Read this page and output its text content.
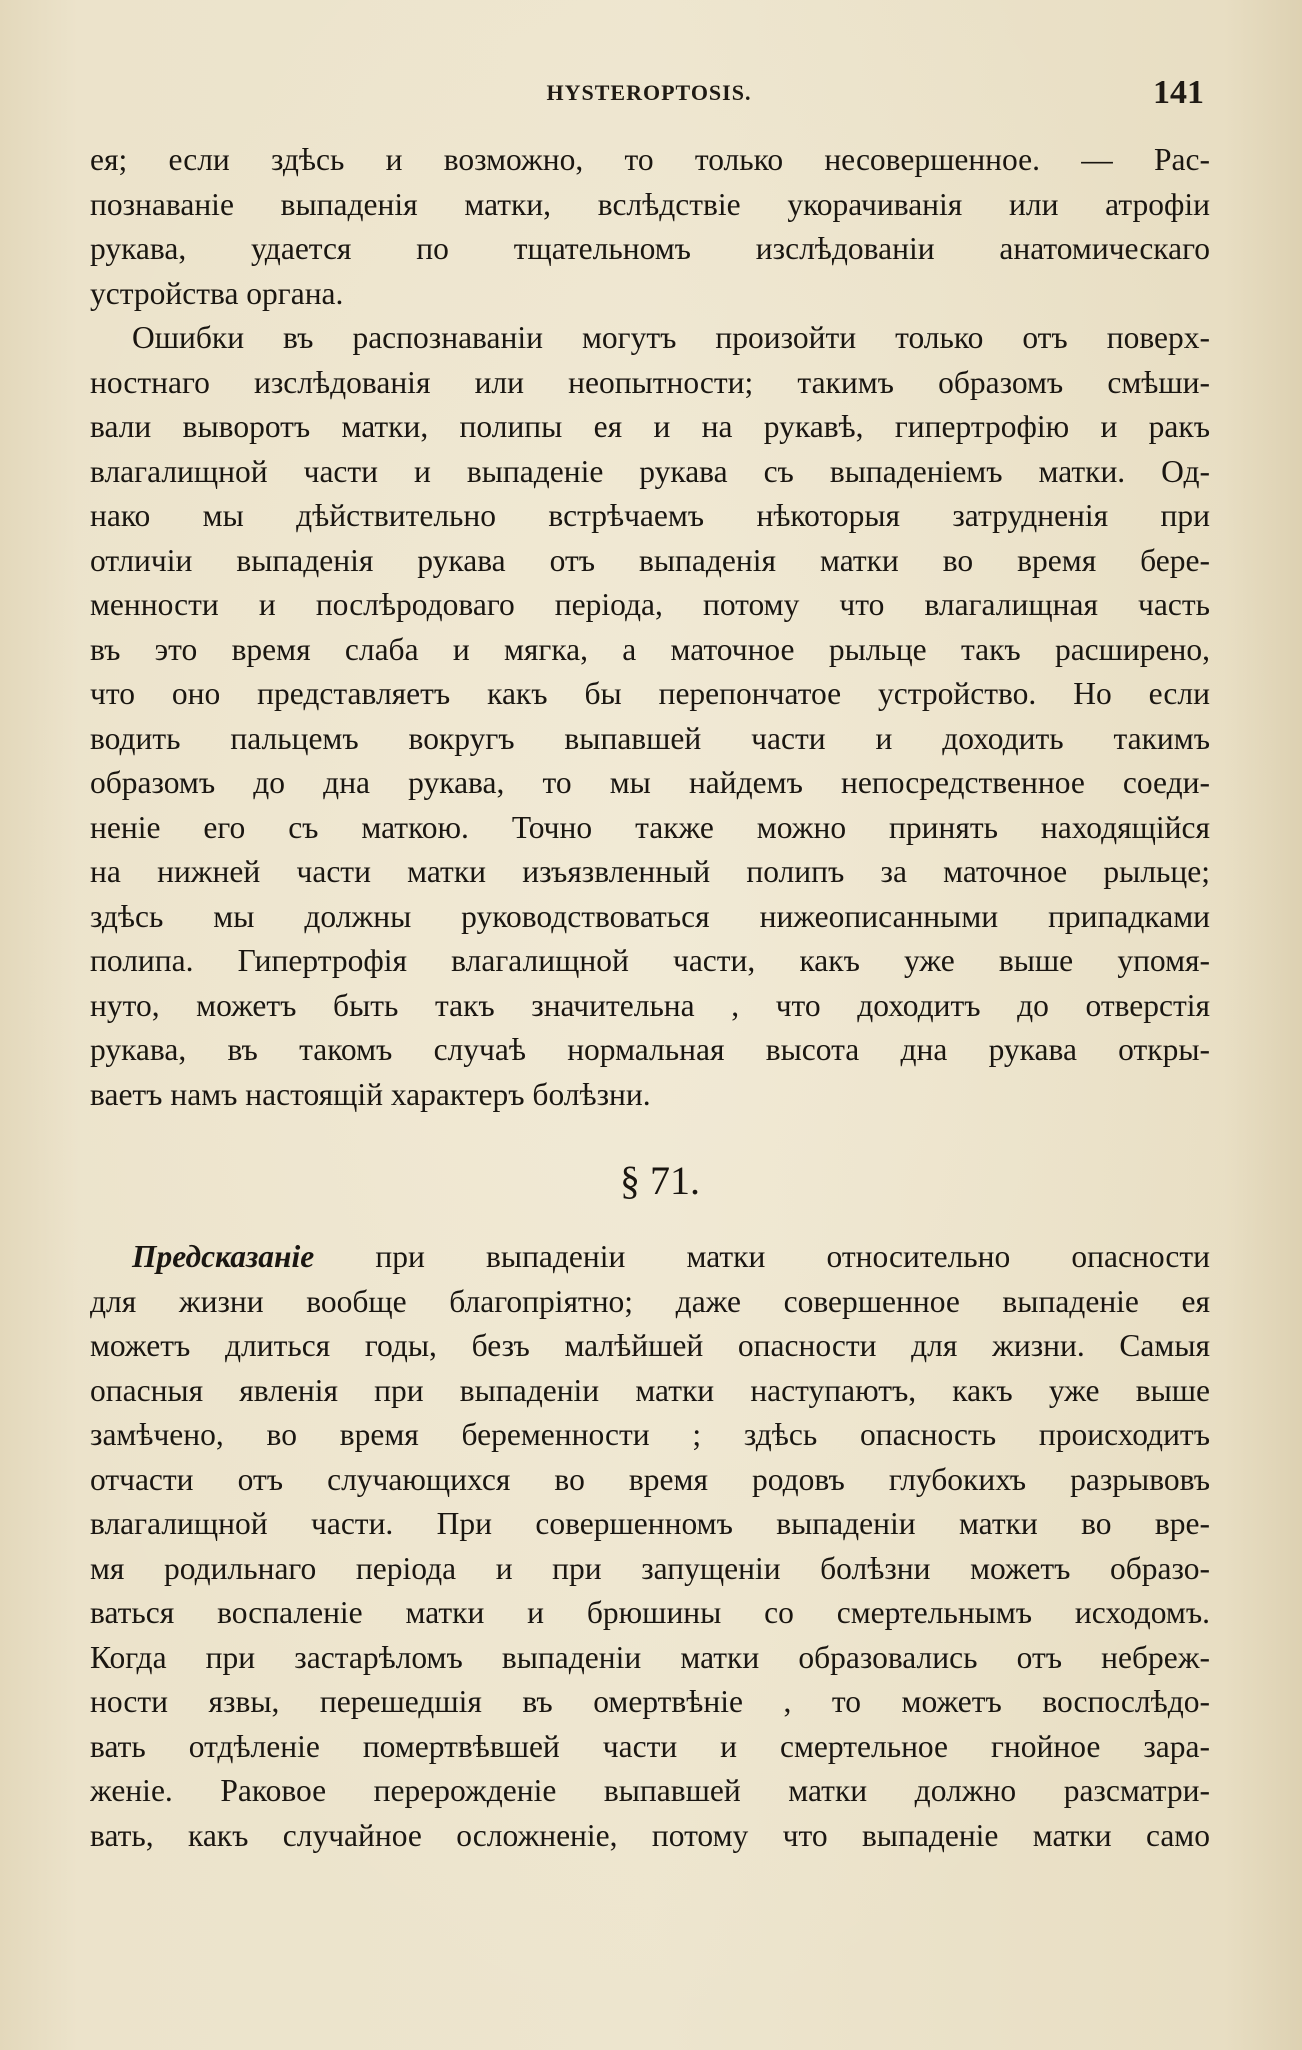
HYSTEROPTOSIS.	141
ея; если здѣсь и возможно, то только несовершенное. — Рас-
познаванiе выпаденiя матки, вслѣдствiе укорачиванiя или атрофiи
рукава, удается по тщательномъ изслѣдованiи анатомическаго
устройства органа.
Ошибки въ распознаванiи могутъ произойти только отъ поверх-
ностнаго изслѣдованiя или неопытности; такимъ образомъ смѣши-
вали выворотъ матки, полипы ея и на рукавѣ, гипертрофiю и ракъ
влагалищной части и выпаденiе рукава съ выпаденiемъ матки. Од-
нако мы дѣйствительно встрѣчаемъ нѣкоторыя затрудненiя при
отличiи выпаденiя рукава отъ выпаденiя матки во время бере-
менности и послѣродоваго перiода, потому что влагалищная часть
въ это время слаба и мягка, а маточное рыльце такъ расширено,
что оно представляетъ какъ бы перепончатое устройство. Но если
водить пальцемъ вокругъ выпавшей части и доходить такимъ
образомъ до дна рукава, то мы найдемъ непосредственное соеди-
ненiе его съ маткою. Точно также можно принять находящiйся
на нижней части матки изъязвленный полипъ за маточное рыльце;
здѣсь мы должны руководствоваться нижеописанными припадками
полипа. Гипертрофiя влагалищной части, какъ уже выше упомя-
нуто, можетъ быть такъ значительна , что доходитъ до отверстiя
рукава, въ такомъ случаѣ нормальная высота дна рукава откры-
ваетъ намъ настоящiй характеръ болѣзни.
§ 71.
Предсказанiе при выпаденiи матки относительно опасности
для жизни вообще благопрiятно; даже совершенное выпаденiе ея
можетъ длиться годы, безъ малѣйшей опасности для жизни. Самыя
опасныя явленiя при выпаденiи матки наступаютъ, какъ уже выше
замѣчено, во время беременности ; здѣсь опасность происходитъ
отчасти отъ случающихся во время родовъ глубокихъ разрывовъ
влагалищной части. При совершенномъ выпаденiи матки во вре-
мя родильнаго перiода и при запущенiи болѣзни можетъ образо-
ваться воспаленiе матки и брюшины со смертельнымъ исходомъ.
Когда при застарѣломъ выпаденiи матки образовались отъ небреж-
ности язвы, перешедшiя въ омертвѣнiе , то можетъ воспослѣдо-
вать отдѣленiе помертвѣвшей части и смертельное гнойное зара-
женiе. Раковое перерожденiе выпавшей матки должно разсматри-
вать, какъ случайное осложненiе, потому что выпаденiе матки само
